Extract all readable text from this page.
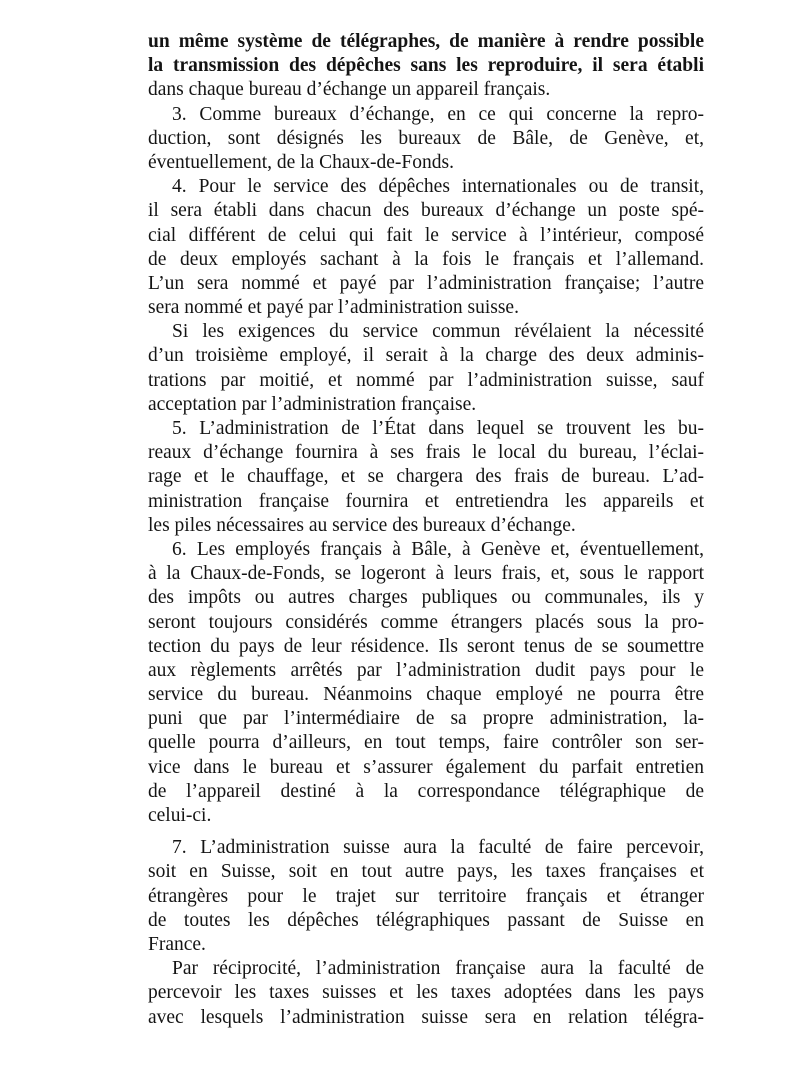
un même système de télégraphes, de manière à rendre possible
la transmission des dépêches sans les reproduire, il sera établi
dans chaque bureau d’échange un appareil français.
3. Comme bureaux d’échange, en ce qui concerne la repro-
duction, sont désignés les bureaux de Bâle, de Genève, et,
éventuellement, de la Chaux-de-Fonds.
4. Pour le service des dépêches internationales ou de transit,
il sera établi dans chacun des bureaux d’échange un poste spé-
cial différent de celui qui fait le service à l’intérieur, composé
de deux employés sachant à la fois le français et l’allemand.
L’un sera nommé et payé par l’administration française; l’autre
sera nommé et payé par l’administration suisse.
Si les exigences du service commun révélaient la nécessité
d’un troisième employé, il serait à la charge des deux adminis-
trations par moitié, et nommé par l’administration suisse, sauf
acceptation par l’administration française.
5. L’administration de l’État dans lequel se trouvent les bu-
reaux d’échange fournira à ses frais le local du bureau, l’éclai-
rage et le chauffage, et se chargera des frais de bureau. L’ad-
ministration française fournira et entretiendra les appareils et
les piles nécessaires au service des bureaux d’échange.
6. Les employés français à Bâle, à Genève et, éventuellement,
à la Chaux-de-Fonds, se logeront à leurs frais, et, sous le rapport
des impôts ou autres charges publiques ou communales, ils y
seront toujours considérés comme étrangers placés sous la pro-
tection du pays de leur résidence. Ils seront tenus de se soumettre
aux règlements arrêtés par l’administration dudit pays pour le
service du bureau. Néanmoins chaque employé ne pourra être
puni que par l’intermédiaire de sa propre administration, la-
quelle pourra d’ailleurs, en tout temps, faire contrôler son ser-
vice dans le bureau et s’assurer également du parfait entretien
de l’appareil destiné à la correspondance télégraphique de
celui-ci.
7. L’administration suisse aura la faculté de faire percevoir,
soit en Suisse, soit en tout autre pays, les taxes françaises et
étrangères pour le trajet sur territoire français et étranger
de toutes les dépêches télégraphiques passant de Suisse en
France.
Par réciprocité, l’administration française aura la faculté de
percevoir les taxes suisses et les taxes adoptées dans les pays
avec lesquels l’administration suisse sera en relation télégra-
